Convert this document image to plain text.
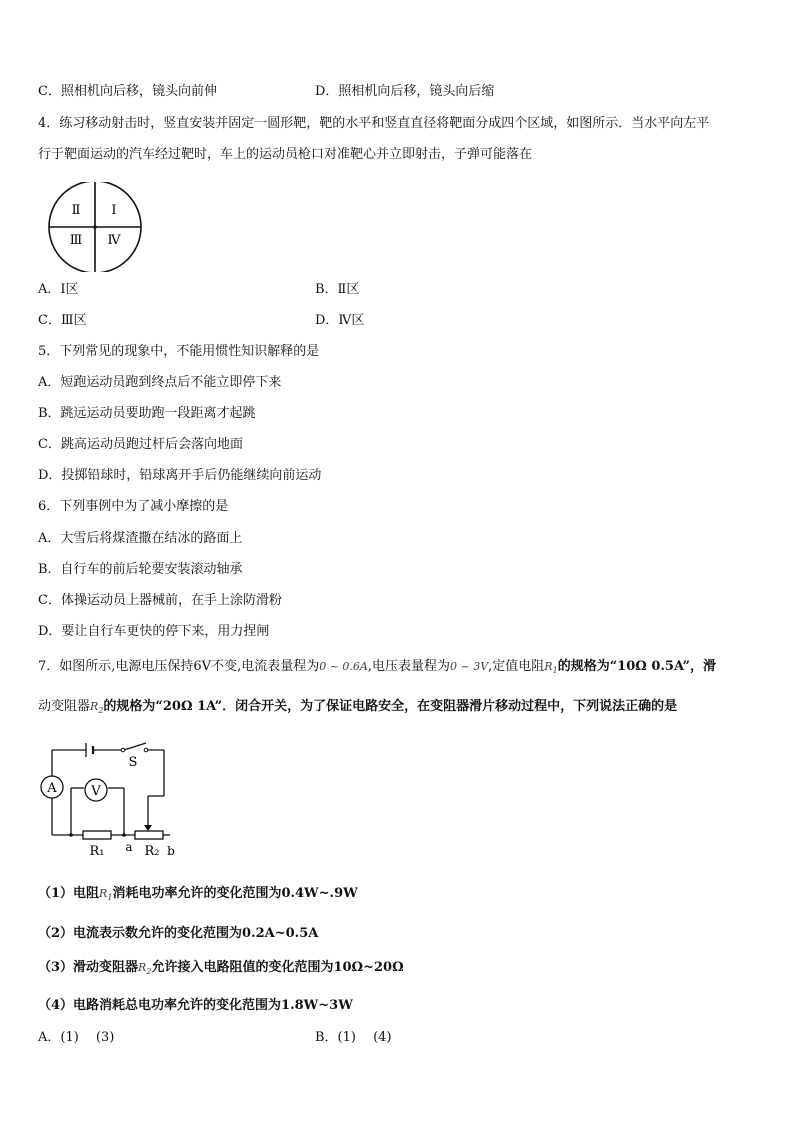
C．照相机向后移，镜头向前伸	D．照相机向后移，镜头向后缩
4．练习移动射击时，竖直安装并固定一圆形靶，靶的水平和竖直直径将靶面分成四个区域，如图所示．当水平向左平
行于靶面运动的汽车经过靶时，车上的运动员枪口对准靶心并立即射击，子弹可能落在
Ⅱ Ⅰ
Ⅲ Ⅳ
A．Ⅰ区	B．Ⅱ区
C．Ⅲ区	D．Ⅳ区
5．下列常见的现象中，不能用惯性知识解释的是
A．短跑运动员跑到终点后不能立即停下来
B．跳远运动员要助跑一段距离才起跳
C．跳高运动员跑过杆后会落向地面
D．投掷铅球时，铅球离开手后仍能继续向前运动
6．下列事例中为了减小摩擦的是
A．大雪后将煤渣撒在结冰的路面上
B．自行车的前后轮要安装滚动轴承
C．体操运动员上器械前，在手上涂防滑粉
D．要让自行车更快的停下来，用力捏闸
7．如图所示,电源电压保持6V不变,电流表量程为0 ~ 0.6A,电压表量程为0 ~ 3V,定值电阻$R_1$的规格为“10Ω 0.5A”，滑
动变阻器$R_2$的规格为“20Ω 1A”．闭合开关，为了保证电路安全，在变阻器滑片移动过程中，下列说法正确的是
S
A	V
R₁ a R₂ b
（1）电阻$R_1$消耗电功率允许的变化范围为0.4W~.9W
（2）电流表示数允许的变化范围为0.2A~0.5A
（3）滑动变阻器$R_2$允许接入电路阻值的变化范围为10Ω~20Ω
（4）电路消耗总电功率允许的变化范围为1.8W~3W
A．(1)　 (3)	B．(1)　 (4)
